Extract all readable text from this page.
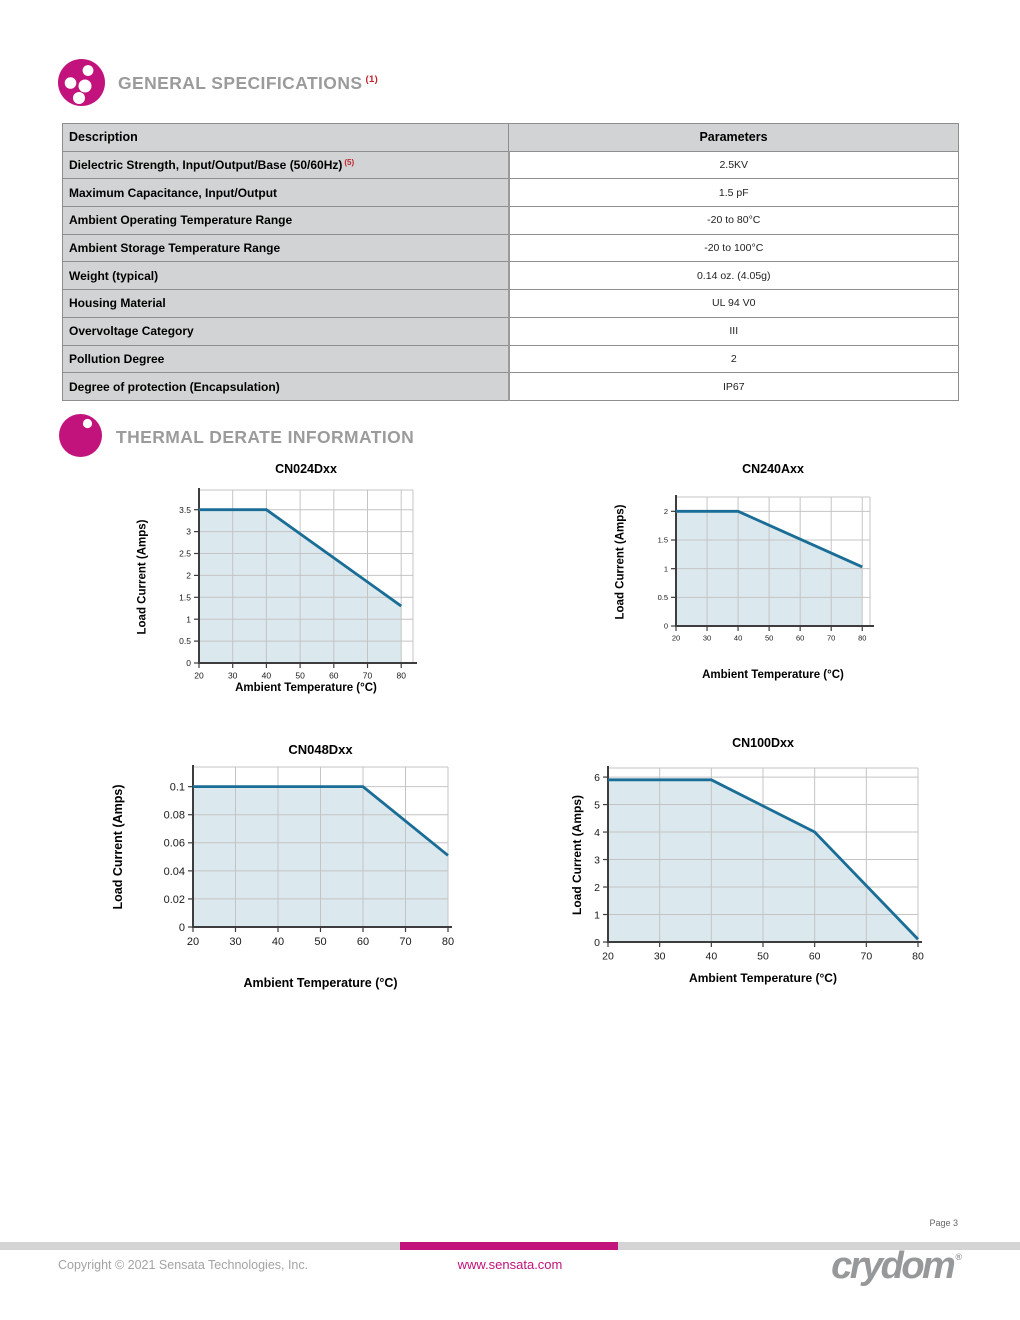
GENERAL SPECIFICATIONS $^{(1)}$
Description	Parameters
Dielectric Strength, Input/Output/Base (50/60Hz) $^{(5)}$	2.5KV
Maximum Capacitance, Input/Output	1.5 pF
Ambient Operating Temperature Range	-20 to 80°C
Ambient Storage Temperature Range	-20 to 100°C
Weight (typical)	0.14 oz. (4.05g)
Housing Material	UL 94 V0
Overvoltage Category	III
Pollution Degree	2
Degree of protection (Encapsulation)	IP67
THERMAL DERATE INFORMATION
CN024Dxx
Load Current (Amps)
Ambient Temperature (°C)
0
0.5
1
1.5
2
2.5
3
3.5
20	30	40	50	60	70	80
CN240Axx
Load Current (Amps)
Ambient Temperature (°C)
0
0.5
1
1.5
2
20	30	40	50	60	70	80
CN048Dxx
Load Current (Amps)
Ambient Temperature (°C)
0
0.02
0.04
0.06
0.08
0.1
20	30	40	50	60	70	80
CN100Dxx
Load Current (Amps)
Ambient Temperature (°C)
0
1
2
3
4
5
6
20	30	40	50	60	70	80
Page 3
Copyright © 2021 Sensata Technologies, Inc.	www.sensata.com	crydom ®
